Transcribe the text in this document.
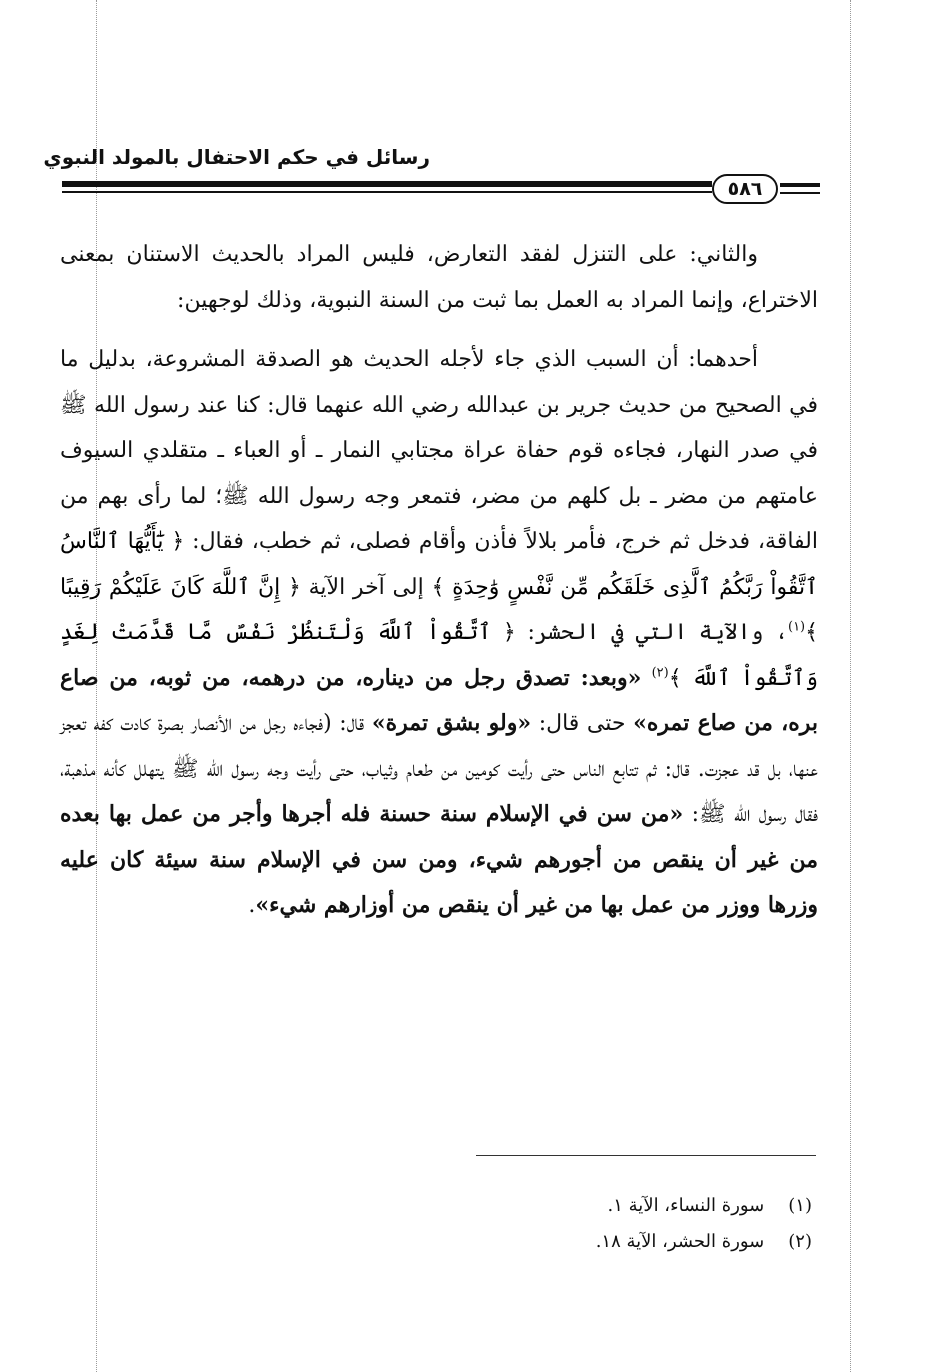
رسائل في حكم الاحتفال بالمولد النبوي
٥٨٦

والثاني: على التنزل لفقد التعارض، فليس المراد بالحديث الاستنان بمعنى الاختراع، وإنما المراد به العمل بما ثبت من السنة النبوية، وذلك لوجهين:

أحدهما: أن السبب الذي جاء لأجله الحديث هو الصدقة المشروعة، بدليل ما في الصحيح من حديث جرير بن عبدالله رضي الله عنهما قال: كنا عند رسول الله ﷺ في صدر النهار، فجاءه قوم حفاة عراة مجتابي النمار ـ أو العباء ـ متقلدي السيوف عامتهم من مضر ـ بل كلهم من مضر، فتمعر وجه رسول الله ﷺ؛ لما رأى بهم من الفاقة، فدخل ثم خرج، فأمر بلالاً فأذن وأقام فصلى، ثم خطب، فقال: ﴿ يَٰٓأَيُّهَا ٱلنَّاسُ ٱتَّقُواْ رَبَّكُمُ ٱلَّذِى خَلَقَكُم مِّن نَّفْسٍ وَٰحِدَةٍ ﴾ إلى آخر الآية ﴿ إِنَّ ٱللَّهَ كَانَ عَلَيْكُمْ رَقِيبًا ﴾$^{(١)}$، والآية التي في الحشر: ﴿ ٱتَّقُواْ ٱللَّهَ وَلْتَنظُرْ نَفْسٌ مَّا قَدَّمَتْ لِغَدٍ وَٱتَّقُواْ ٱللَّهَ ﴾$^{(٢)}$ «وبعد: تصدق رجل من ديناره، من درهمه، من ثوبه، من صاع بره، من صاع تمره» حتى قال: «ولو بشق تمرة» قال: (فجاءه رجل من الأنصار بصرة كادت كفه تعجز عنها، بل قد عجزت. قال: ثم تتابع الناس حتى رأيت كومين من طعام وثياب، حتى رأيت وجه رسول الله ﷺ يتهلل كأنه مذهبة، فقال رسول الله ﷺ: «من سن في الإسلام سنة حسنة فله أجرها وأجر من عمل بها بعده من غير أن ينقص من أجورهم شيء، ومن سن في الإسلام سنة سيئة كان عليه وزرها ووزر من عمل بها من غير أن ينقص من أوزارهم شيء».

(١) سورة النساء، الآية ١.
(٢) سورة الحشر، الآية ١٨.
